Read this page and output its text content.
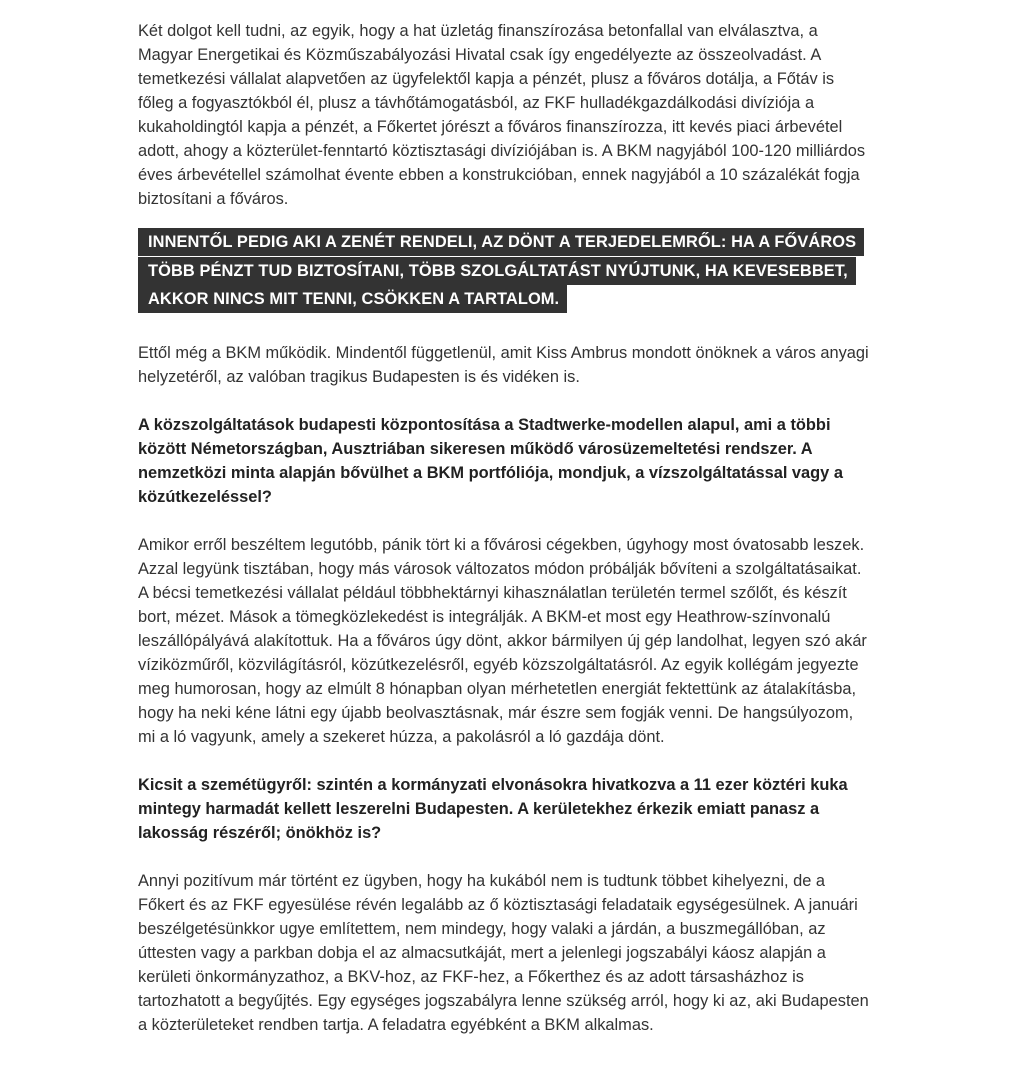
Két dolgot kell tudni, az egyik, hogy a hat üzletág finanszírozása betonfallal van elválasztva, a Magyar Energetikai és Közműszabályozási Hivatal csak így engedélyezte az összeolvadást. A temetkezési vállalat alapvetően az ügyfelektől kapja a pénzét, plusz a főváros dotálja, a Főtáv is főleg a fogyasztókból él, plusz a távhőtámogatásból, az FKF hulladékgazdálkodási divíziója a kukaholdingtól kapja a pénzét, a Főkertet jórészt a főváros finanszírozza, itt kevés piaci árbevétel adott, ahogy a közterület-fenntartó köztisztasági divíziójában is. A BKM nagyjából 100-120 milliárdos éves árbevétellel számolhat évente ebben a konstrukcióban, ennek nagyjából a 10 százalékát fogja biztosítani a főváros.

INNENTŐL PEDIG AKI A ZENÉT RENDELI, AZ DÖNT A TERJEDELEMRŐL: HA A FŐVÁROS TÖBB PÉNZT TUD BIZTOSÍTANI, TÖBB SZOLGÁLTATÁST NYÚJTUNK, HA KEVESEBBET, AKKOR NINCS MIT TENNI, CSÖKKEN A TARTALOM.

Ettől még a BKM működik. Mindentől függetlenül, amit Kiss Ambrus mondott önöknek a város anyagi helyzetéről, az valóban tragikus Budapesten is és vidéken is.

A közszolgáltatások budapesti központosítása a Stadtwerke-modellen alapul, ami a többi között Németországban, Ausztriában sikeresen működő városüzemeltetési rendszer. A nemzetközi minta alapján bővülhet a BKM portfóliója, mondjuk, a vízszolgáltatással vagy a közútkezeléssel?

Amikor erről beszéltem legutóbb, pánik tört ki a fővárosi cégekben, úgyhogy most óvatosabb leszek. Azzal legyünk tisztában, hogy más városok változatos módon próbálják bővíteni a szolgáltatásaikat. A bécsi temetkezési vállalat például többhektárnyi kihasználatlan területén termel szőlőt, és készít bort, mézet. Mások a tömegközlekedést is integrálják. A BKM-et most egy Heathrow-színvonalú leszállópályává alakítottuk. Ha a főváros úgy dönt, akkor bármilyen új gép landolhat, legyen szó akár víziközműről, közvilágításról, közútkezelésről, egyéb közszolgáltatásról. Az egyik kollégám jegyezte meg humorosan, hogy az elmúlt 8 hónapban olyan mérhetetlen energiát fektettünk az átalakításba, hogy ha neki kéne látni egy újabb beolvasztásnak, már észre sem fogják venni. De hangsúlyozom, mi a ló vagyunk, amely a szekeret húzza, a pakolásról a ló gazdája dönt.

Kicsit a szemétügyről: szintén a kormányzati elvonásokra hivatkozva a 11 ezer köztéri kuka mintegy harmadát kellett leszerelni Budapesten. A kerületekhez érkezik emiatt panasz a lakosság részéről; önökhöz is?

Annyi pozitívum már történt ez ügyben, hogy ha kukából nem is tudtunk többet kihelyezni, de a Főkert és az FKF egyesülése révén legalább az ő köztisztasági feladataik egységesülnek. A januári beszélgetésünkkor ugye említettem, nem mindegy, hogy valaki a járdán, a buszmegállóban, az úttesten vagy a parkban dobja el az almacsutkáját, mert a jelenlegi jogszabályi káosz alapján a kerületi önkormányzathoz, a BKV-hoz, az FKF-hez, a Főkerthez és az adott társasházhoz is tartozhatott a begyűjtés. Egy egységes jogszabályra lenne szükség arról, hogy ki az, aki Budapesten a közterületeket rendben tartja. A feladatra egyébként a BKM alkalmas.
